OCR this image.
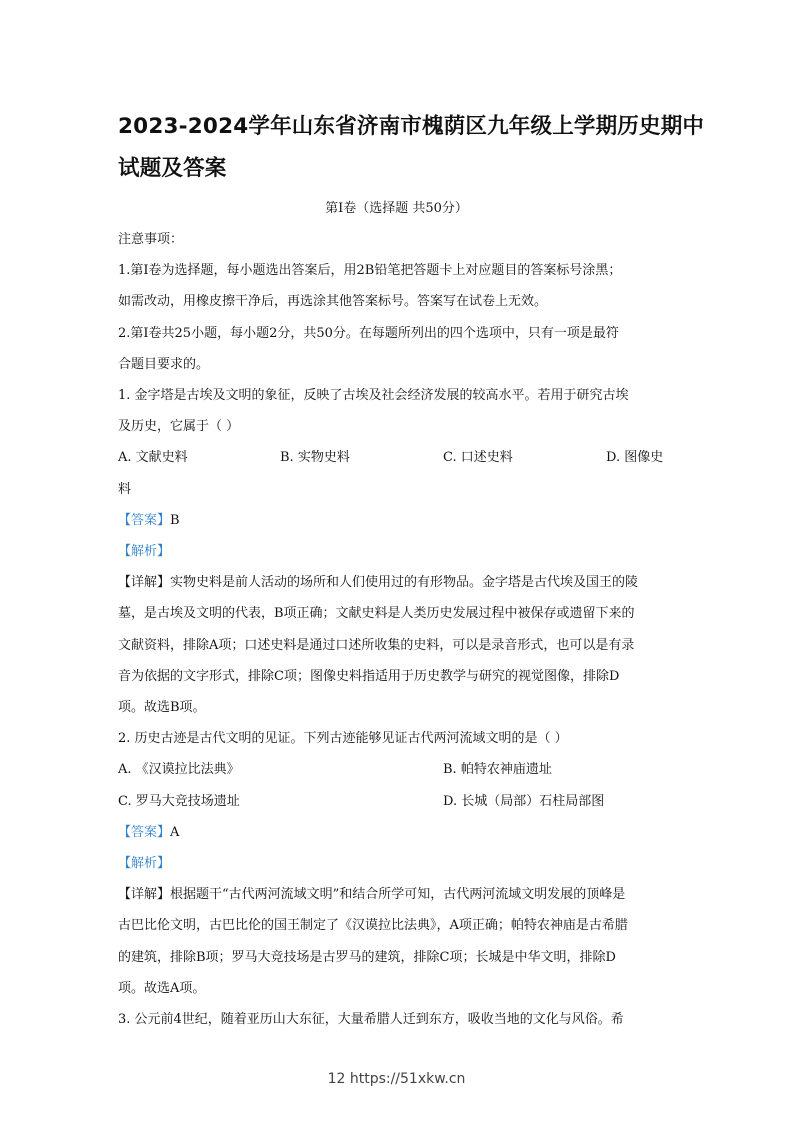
2023-2024学年山东省济南市槐荫区九年级上学期历史期中
试题及答案
第Ⅰ卷（选择题 共50分）
注意事项：
1.第Ⅰ卷为选择题，每小题选出答案后，用2B铅笔把答题卡上对应题目的答案标号涂黑；
如需改动，用橡皮擦干净后，再选涂其他答案标号。答案写在试卷上无效。
2.第Ⅰ卷共25小题，每小题2分，共50分。在每题所列出的四个选项中，只有一项是最符
合题目要求的。
1. 金字塔是古埃及文明的象征，反映了古埃及社会经济发展的较高水平。若用于研究古埃
及历史，它属于（ ）
A. 文献史料	B. 实物史料	C. 口述史料	D. 图像史
料
【答案】B
【解析】
【详解】实物史料是前人活动的场所和人们使用过的有形物品。金字塔是古代埃及国王的陵
墓，是古埃及文明的代表，B项正确；文献史料是人类历史发展过程中被保存或遗留下来的
文献资料，排除A项；口述史料是通过口述所收集的史料，可以是录音形式，也可以是有录
音为依据的文字形式，排除C项；图像史料指适用于历史教学与研究的视觉图像，排除D
项。故选B项。
2. 历史古迹是古代文明的见证。下列古迹能够见证古代两河流域文明的是（ ）
A. 《汉谟拉比法典》	B. 帕特农神庙遗址
C. 罗马大竞技场遗址	D. 长城（局部）石柱局部图
【答案】A
【解析】
【详解】根据题干“古代两河流域文明”和结合所学可知，古代两河流域文明发展的顶峰是
古巴比伦文明，古巴比伦的国王制定了《汉谟拉比法典》，A项正确；帕特农神庙是古希腊
的建筑，排除B项；罗马大竞技场是古罗马的建筑，排除C项；长城是中华文明，排除D
项。故选A项。
3. 公元前4世纪，随着亚历山大东征，大量希腊人迁到东方，吸收当地的文化与风俗。希
12 https://51xkw.cn
